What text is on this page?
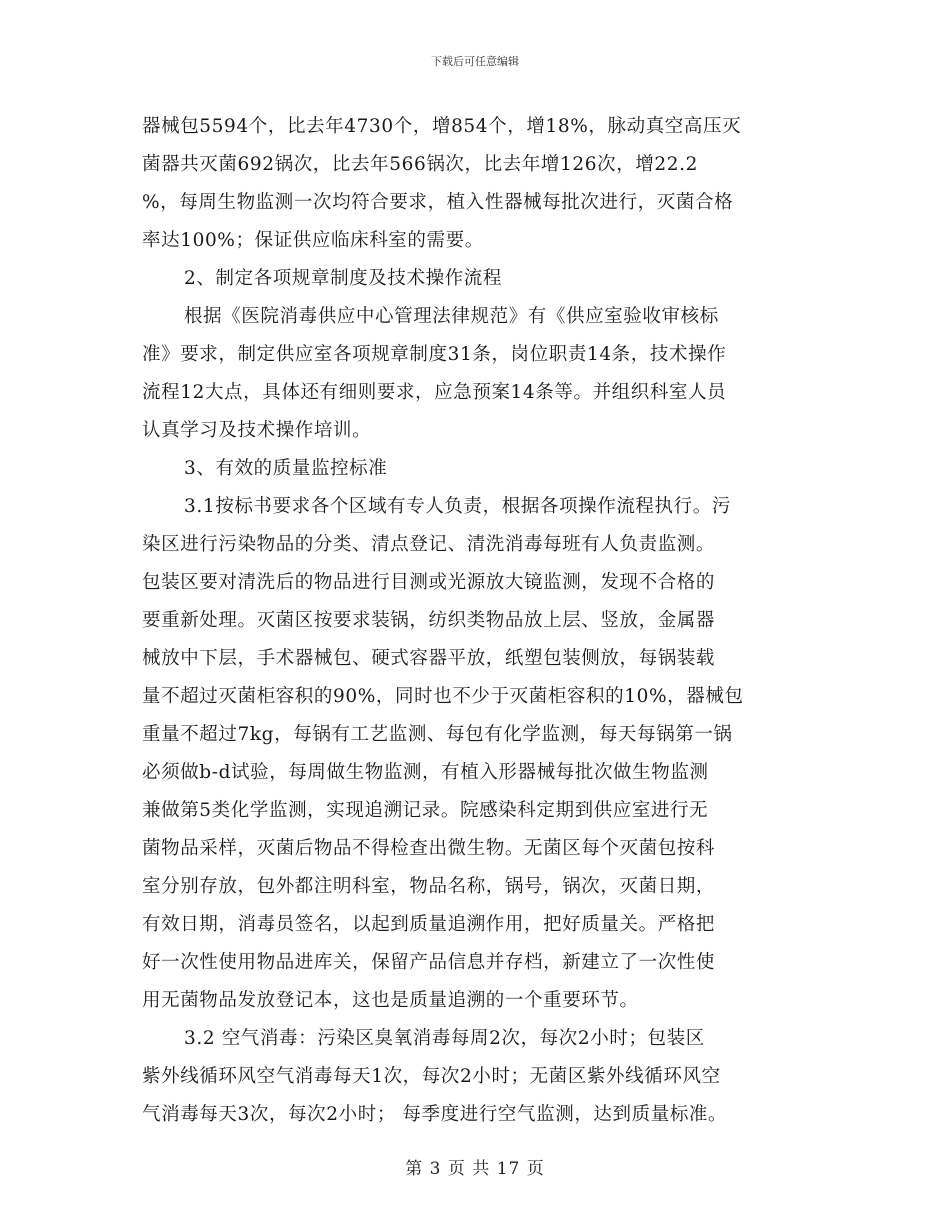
下载后可任意编辑
器械包5594个，比去年4730个，增854个，增18%，脉动真空高压灭
菌器共灭菌692锅次，比去年566锅次，比去年增126次，增22.2
%，每周生物监测一次均符合要求，植入性器械每批次进行，灭菌合格
率达100%；保证供应临床科室的需要。
2、制定各项规章制度及技术操作流程
根据《医院消毒供应中心管理法律规范》有《供应室验收审核标
准》要求，制定供应室各项规章制度31条，岗位职责14条，技术操作
流程12大点，具体还有细则要求，应急预案14条等。并组织科室人员
认真学习及技术操作培训。
3、有效的质量监控标准
3.1按标书要求各个区域有专人负责，根据各项操作流程执行。污
染区进行污染物品的分类、清点登记、清洗消毒每班有人负责监测。
包装区要对清洗后的物品进行目测或光源放大镜监测，发现不合格的
要重新处理。灭菌区按要求装锅，纺织类物品放上层、竖放，金属器
械放中下层，手术器械包、硬式容器平放，纸塑包装侧放，每锅装载
量不超过灭菌柜容积的90%，同时也不少于灭菌柜容积的10%，器械包
重量不超过7kg，每锅有工艺监测、每包有化学监测，每天每锅第一锅
必须做b-d试验，每周做生物监测，有植入形器械每批次做生物监测
兼做第5类化学监测，实现追溯记录。院感染科定期到供应室进行无
菌物品采样，灭菌后物品不得检查出微生物。无菌区每个灭菌包按科
室分别存放，包外都注明科室，物品名称，锅号，锅次，灭菌日期，
有效日期，消毒员签名，以起到质量追溯作用，把好质量关。严格把
好一次性使用物品进库关，保留产品信息并存档，新建立了一次性使
用无菌物品发放登记本，这也是质量追溯的一个重要环节。
3.2 空气消毒：污染区臭氧消毒每周2次，每次2小时；包装区
紫外线循环风空气消毒每天1次，每次2小时；无菌区紫外线循环风空
气消毒每天3次，每次2小时； 每季度进行空气监测，达到质量标准。
第 3 页 共 17 页
